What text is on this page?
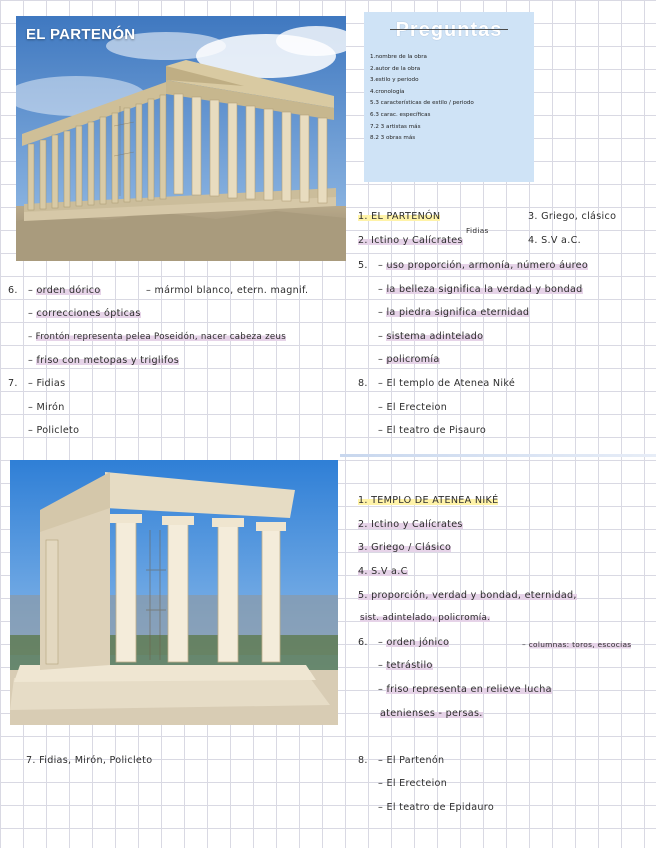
EL PARTENÓN	Preguntas
1.nombre de la obra
2.autor de la obra
3.estilo y periodo
4.cronología
5.3 características de estilo / periodo
6.3 carac. específicas
7.2 3 artistas más
8.2 3 obras más
1. EL PARTENÓN	3. Griego, clásico
Fidias
2. Ictino y Calícrates	4. S.V a.C.
5. – uso proporción, armonía, número áureo
– la belleza significa la verdad y bondad
– la piedra significa eternidad
– sistema adintelado
– policromía
6. – orden dórico	– mármol blanco, etern. magnif.
– correcciones ópticas
– Frontón representa pelea Poseidón, nacer cabeza zeus
– friso con metopas y triglifos
7. – Fidias
– Mirón
– Policleto
8. – El templo de Atenea Niké
– El Erecteion
– El teatro de Pisauro
1. TEMPLO DE ATENEA NIKÉ
2. Ictino y Calícrates
3. Griego / Clásico
4. S.V a.C
5. proporción, verdad y bondad, eternidad,
sist. adintelado, policromía.
6. – orden jónico	– columnas: toros, escocias
– tetrástilo
– friso representa en relieve lucha
atenienses - persas.
7. Fidias, Mirón, Policleto	8. – El Partenón
– El Erecteion
– El teatro de Epidauro
